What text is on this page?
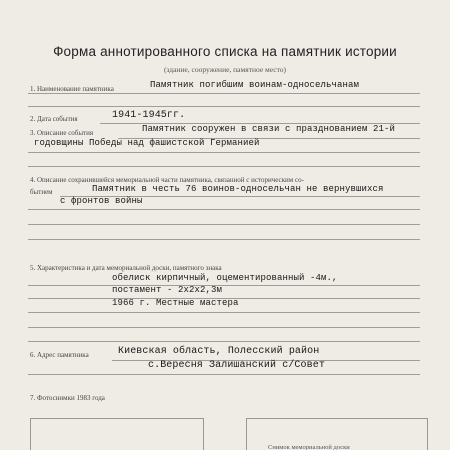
Форма аннотированного списка на памятник истории
(здание, сооружение, памятное место)
1. Наименование памятника	Памятник погибшим воинам-односельчанам
2. Дата события	1941-1945гг.
3. Описание события	Памятник сооружен в связи с празднованием 21-й
годовщины Победы над фашистской Германией
4. Описание сохранившейся мемориальной части памятника, связанной с историческим со-
бытием	Памятник в честь 76 воинов-односельчан не вернувшихся
с фронтов войны
5. Характеристика и дата мемориальной доски, памятного знака
обелиск кирпичный, оцементированный -4м.,
постамент - 2х2х2,3м
1966 г. Местные мастера
6. Адрес памятника	Киевская область, Полесский район
с.Вересня Залишанский с/Совет
7. Фотоснимки 1983 года
Снимок мемориальной доски
